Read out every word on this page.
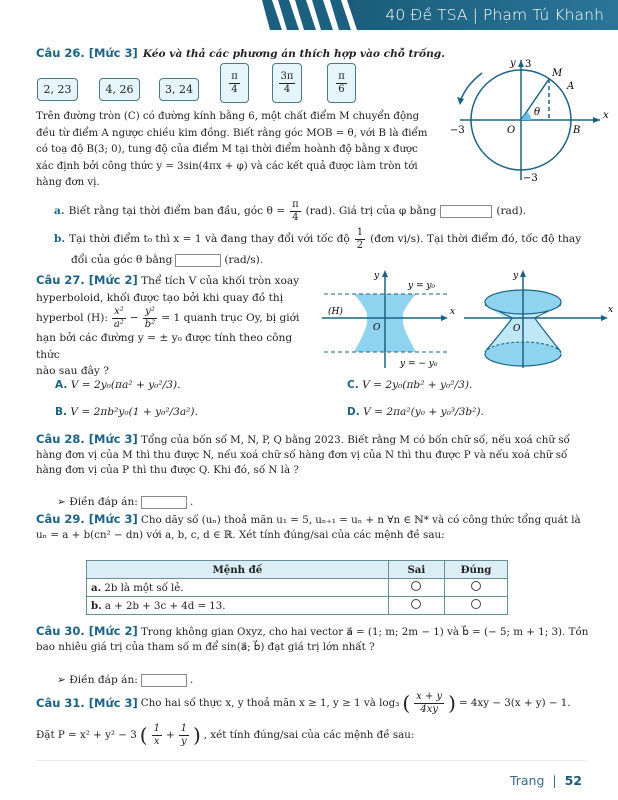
40 Đề TSA | Phạm Tú Khanh
Câu 26. [Mức 3] Kéo và thả các phương án thích hợp vào chỗ trống.
2, 23	4, 26	3, 24	$\frac{\pi}{4}$	$\frac{3\pi}{4}$	$\frac{\pi}{6}$
Trên đường tròn (C) có đường kính bằng 6, một chất điểm M chuyển động
đều từ điểm A ngược chiều kim đồng. Biết rằng góc MOB = θ, với B là điểm
có toạ độ B(3; 0), tung độ của điểm M tại thời điểm hoành độ bằng x được
xác định bởi công thức y = 3sin(4πx + φ) và các kết quả được làm tròn tới
hàng đơn vị.
y 3
M
A
x
θ
−3	O	B
−3
a. Biết rằng tại thời điểm ban đầu, góc $\theta = \frac{\pi}{4} (rad)$. Giá trị của φ bằng	(rad).
b. Tại thời điểm t₀ thì x = 1 và đang thay đổi với tốc độ $\frac{1}{2}$ (đơn vị/s). Tại thời điểm đó, tốc độ thay
đổi của góc θ bằng	(rad/s).
Câu 27. [Mức 2] Thể tích V của khối tròn xoay
hyperboloid, khối được tạo bởi khi quay đồ thị
hyperbol (H): $\frac{\text{x²}}{\text{a²}} - \frac{\text{y²}}{\text{b²}} = 1$ quanh trục Oy, bị giới
hạn bởi các đường y = ± y₀ được tính theo công thức
nào sau đây ?
y
x
O
(H)
y = y₀
y = − y₀
y
x
O
A. V = 2y₀(πa² + y₀²/3).
B. V = 2πb²y₀(1 + y₀²/3a²).
C. V = 2y₀(πb² + y₀²/3).
D. V = 2πa²(y₀ + y₀³/3b²).
Câu 28. [Mức 3] Tổng của bốn số M, N, P, Q bằng 2023. Biết rằng M có bốn chữ số, nếu xoá chữ số
hàng đơn vị của M thì thu được N, nếu xoá chữ số hàng đơn vị của N thì thu được P và nếu xoá chữ số
hàng đơn vị của P thì thu được Q. Khi đó, số N là ?
➢ Điền đáp án:	.
Câu 29. [Mức 3] Cho dãy số (uₙ) thoả mãn u₁ = 5, uₙ₊₁ = uₙ + n ∀n ∈ ℕ* và có công thức tổng quát là
uₙ = a + b(cn² − dn) với a, b, c, d ∈ ℝ. Xét tính đúng/sai của các mệnh đề sau:
Mệnh đề	Sai	Đúng
a. 2b là một số lẻ.		
b. a + 2b + 3c + 4d = 13.		
Câu 30. [Mức 2] Trong không gian Oxyz, cho hai vector a⃗ = (1; m; 2m − 1) và b⃗ = (− 5; m + 1; 3). Tồn
bao nhiêu giá trị của tham số m để sin(a⃗; b⃗) đạt giá trị lớn nhất ?
➢ Điền đáp án:	.
Câu 31. [Mức 3] Cho hai số thực x, y thoả mãn x ≥ 1, y ≥ 1 và log₃ ( $\frac{x + y}{4xy}$ ) = 4xy − 3(x + y) − 1.
Đặt P = x² + y² − 3 ( $\frac{1}{x} + \frac{1}{y}$ ) , xét tính đúng/sai của các mệnh đề sau:
Trang | 52
